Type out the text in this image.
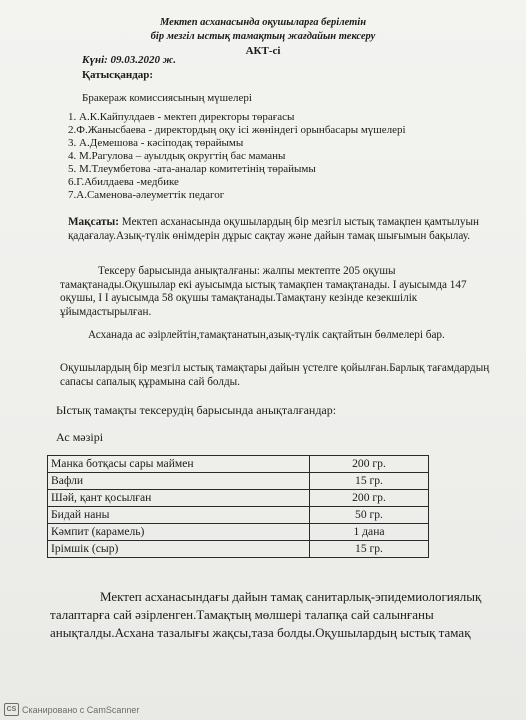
Мектеп асханасында оқушыларға берілетін
бір мезгіл ыстық тамақтың жағдайын тексеру
АКТ-сі
Күні: 09.03.2020 ж.
Қатысқандар:
Бракераж комиссиясының мүшелері
1. А.К.Кайпулдаев - мектеп директоры төрағасы
2.Ф.Жаныcбаева - директордың оқу ісі жөніндегі орынбасары мүшелері
3. А.Демешова - кәсіподақ төрайымы
4. М.Рагулова – ауылдық округтің бас маманы
5. М.Тлеумбетова -ата-аналар комитетінің төрайымы
6.Г.Абилдаева -медбике
7.А.Саменова-әлеуметтік педагог
Мақсаты: Мектеп асханасында оқушылардың бір мезгіл ыстық тамақпен қамтылуын қадағалау.Азық-түлік өнімдерін дұрыс сақтау және дайын тамақ шығымын бақылау.
Тексеру барысында анықталғаны: жалпы мектепте 205 оқушы тамақтанады.Оқушылар екі ауысымда ыстық тамақпен тамақтанады. І ауысымда 147 оқушы, І І ауысымда 58 оқушы тамақтанады.Тамақтану кезінде кезекшілік ұйымдастырылған.
Асханада ас әзірлейтін,тамақтанатын,азық-түлік сақтайтын бөлмелері бар.
Оқушылардың бір мезгіл ыстық тамақтары дайын үстелге қойылған.Барлық тағамдардың сапасы сапалық құрамына сай болды.
Ыстық тамақты тексерудің барысында анықталғандар:
Ас мәзірі
Манка ботқасы сары маймен	200 гр.
Вафли	15 гр.
Шәй, қант қосылған	200 гр.
Бидай наны	50 гр.
Кәмпит (карамель)	1 дана
Ірімшік (сыр)	15 гр.
Мектеп асханасындағы дайын тамақ санитарлық-эпидемиологиялық талаптарға сай әзірленген.Тамақтың мөлшері талапқа сай салынғаны анықталды.Асхана тазалығы жақсы,таза болды.Оқушылардың ыстық тамақ
CS Сканировано с CamScanner
